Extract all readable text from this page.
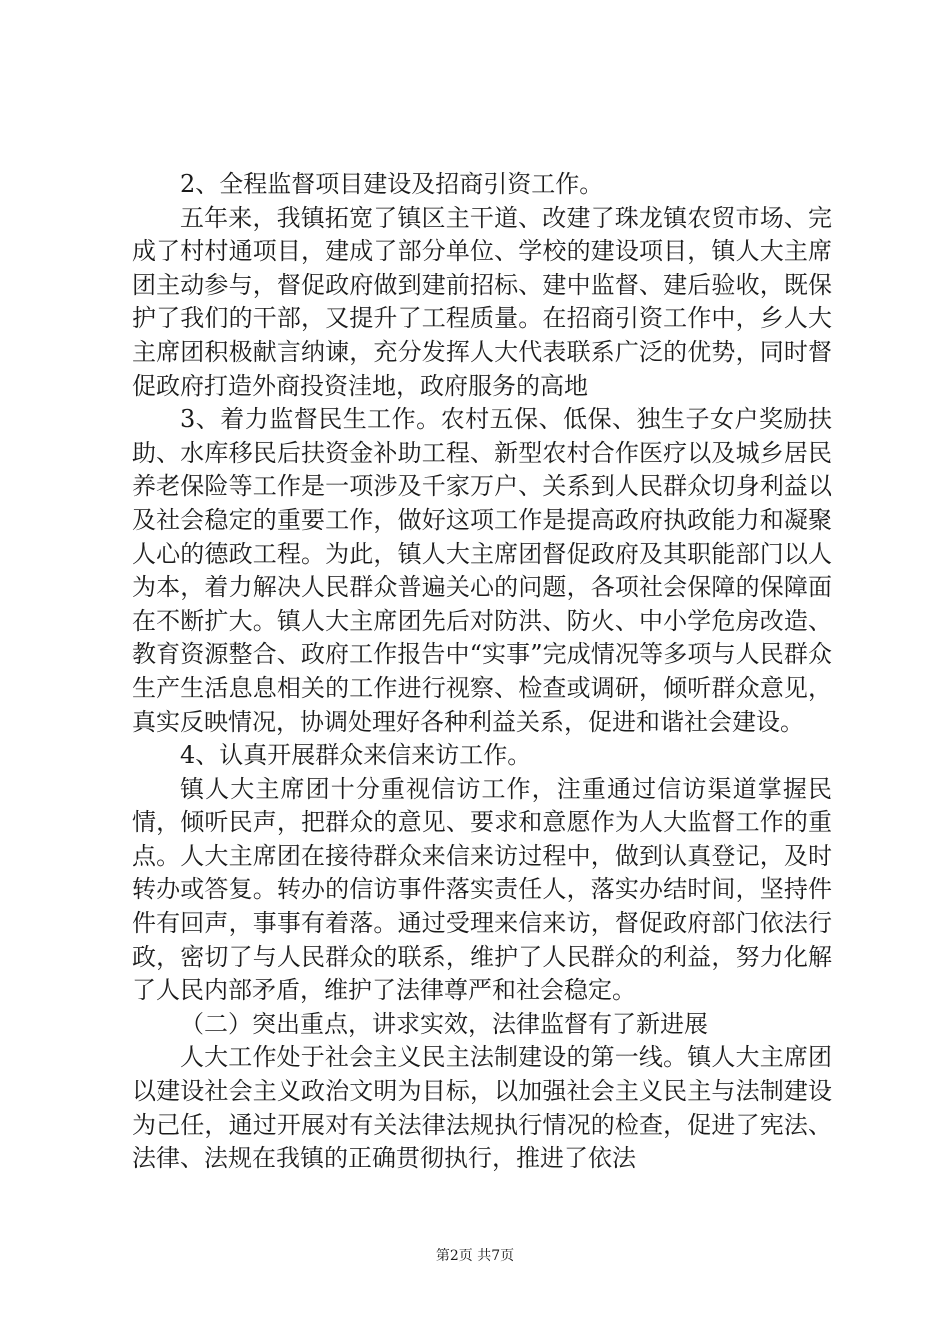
2、全程监督项目建设及招商引资工作。

五年来，我镇拓宽了镇区主干道、改建了珠龙镇农贸市场、完成了村村通项目，建成了部分单位、学校的建设项目，镇人大主席团主动参与，督促政府做到建前招标、建中监督、建后验收，既保护了我们的干部，又提升了工程质量。在招商引资工作中，乡人大主席团积极献言纳谏，充分发挥人大代表联系广泛的优势，同时督促政府打造外商投资洼地，政府服务的高地

3、着力监督民生工作。农村五保、低保、独生子女户奖励扶助、水库移民后扶资金补助工程、新型农村合作医疗以及城乡居民养老保险等工作是一项涉及千家万户、关系到人民群众切身利益以及社会稳定的重要工作，做好这项工作是提高政府执政能力和凝聚人心的德政工程。为此，镇人大主席团督促政府及其职能部门以人为本，着力解决人民群众普遍关心的问题，各项社会保障的保障面在不断扩大。镇人大主席团先后对防洪、防火、中小学危房改造、教育资源整合、政府工作报告中“实事”完成情况等多项与人民群众生产生活息息相关的工作进行视察、检查或调研，倾听群众意见，真实反映情况，协调处理好各种利益关系，促进和谐社会建设。

4、认真开展群众来信来访工作。

镇人大主席团十分重视信访工作，注重通过信访渠道掌握民情，倾听民声，把群众的意见、要求和意愿作为人大监督工作的重点。人大主席团在接待群众来信来访过程中，做到认真登记，及时转办或答复。转办的信访事件落实责任人，落实办结时间，坚持件件有回声，事事有着落。通过受理来信来访，督促政府部门依法行政，密切了与人民群众的联系，维护了人民群众的利益，努力化解了人民内部矛盾，维护了法律尊严和社会稳定。

（二）突出重点，讲求实效，法律监督有了新进展

人大工作处于社会主义民主法制建设的第一线。镇人大主席团以建设社会主义政治文明为目标，以加强社会主义民主与法制建设为己任，通过开展对有关法律法规执行情况的检查，促进了宪法、法律、法规在我镇的正确贯彻执行，推进了依法

第2页 共7页
